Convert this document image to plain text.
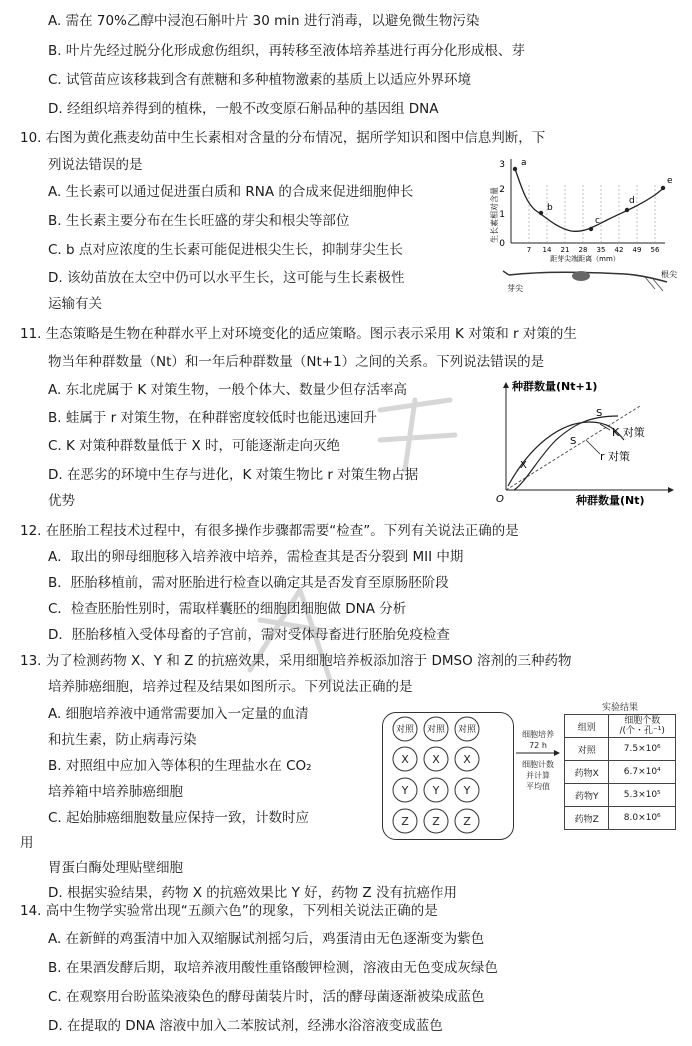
A. 需在 70%乙醇中浸泡石斛叶片 30 min 进行消毒，以避免微生物污染
B. 叶片先经过脱分化形成愈伤组织，再转移至液体培养基进行再分化形成根、芽
C. 试管苗应该移栽到含有蔗糖和多种植物激素的基质上以适应外界环境
D. 经组织培养得到的植株，一般不改变原石斛品种的基因组 DNA
10. 右图为黄化燕麦幼苗中生长素相对含量的分布情况，据所学知识和图中信息判断，下
列说法错误的是
A. 生长素可以通过促进蛋白质和 RNA 的合成来促进细胞伸长
B. 生长素主要分布在生长旺盛的芽尖和根尖等部位
C. b 点对应浓度的生长素可能促进根尖生长，抑制芽尖生长
D. 该幼苗放在太空中仍可以水平生长，这可能与生长素极性
运输有关
生长素相对含量
3
2
1
0
7 14 21 28 35 42 49 56
距芽尖端距离（mm）
a
b
c
d
e
芽尖
根尖
11. 生态策略是生物在种群水平上对环境变化的适应策略。图示表示采用 K 对策和 r 对策的生
物当年种群数量（Nt）和一年后种群数量（Nt+1）之间的关系。下列说法错误的是
A. 东北虎属于 K 对策生物，一般个体大、数量少但存活率高
B. 蛙属于 r 对策生物，在种群密度较低时也能迅速回升
C. K 对策种群数量低于 X 时，可能逐渐走向灭绝
D. 在恶劣的环境中生存与进化，K 对策生物比 r 对策生物占据
优势
种群数量(Nt+1)
种群数量(Nt)
O
X
S
S
K 对策
r 对策
12. 在胚胎工程技术过程中，有很多操作步骤都需要“检查”。下列有关说法正确的是
A．取出的卵母细胞移入培养液中培养，需检查其是否分裂到 MII 中期
B．胚胎移植前，需对胚胎进行检查以确定其是否发育至原肠胚阶段
C．检查胚胎性别时，需取样囊胚的细胞团细胞做 DNA 分析
D．胚胎移植入受体母畜的子宫前，需对受体母畜进行胚胎免疫检查
13. 为了检测药物 X、Y 和 Z 的抗癌效果，采用细胞培养板添加溶于 DMSO 溶剂的三种药物
培养肺癌细胞，培养过程及结果如图所示。下列说法正确的是
A. 细胞培养液中通常需要加入一定量的血清
和抗生素，防止病毒污染
B. 对照组中应加入等体积的生理盐水在 CO₂
培养箱中培养肺癌细胞
C. 起始肺癌细胞数量应保持一致，计数时应
用
胃蛋白酶处理贴壁细胞
D. 根据实验结果，药物 X 的抗癌效果比 Y 好，药物 Z 没有抗癌作用
对照 对照 对照
X X X
Y Y Y
Z Z Z
细胞培养
72 h
细胞计数
并计算
平均值
实验结果
组别	细胞个数
/(个・孔⁻¹)

对照	7.5×10⁶
药物X	6.7×10⁴
药物Y	5.3×10⁵
药物Z	8.0×10⁶
14. 高中生物学实验常出现“五颜六色”的现象，下列相关说法正确的是
A. 在新鲜的鸡蛋清中加入双缩脲试剂摇匀后，鸡蛋清由无色逐渐变为紫色
B. 在果酒发酵后期，取培养液用酸性重铬酸钾检测，溶液由无色变成灰绿色
C. 在观察用台盼蓝染液染色的酵母菌装片时，活的酵母菌逐渐被染成蓝色
D. 在提取的 DNA 溶液中加入二苯胺试剂，经沸水浴溶液变成蓝色
